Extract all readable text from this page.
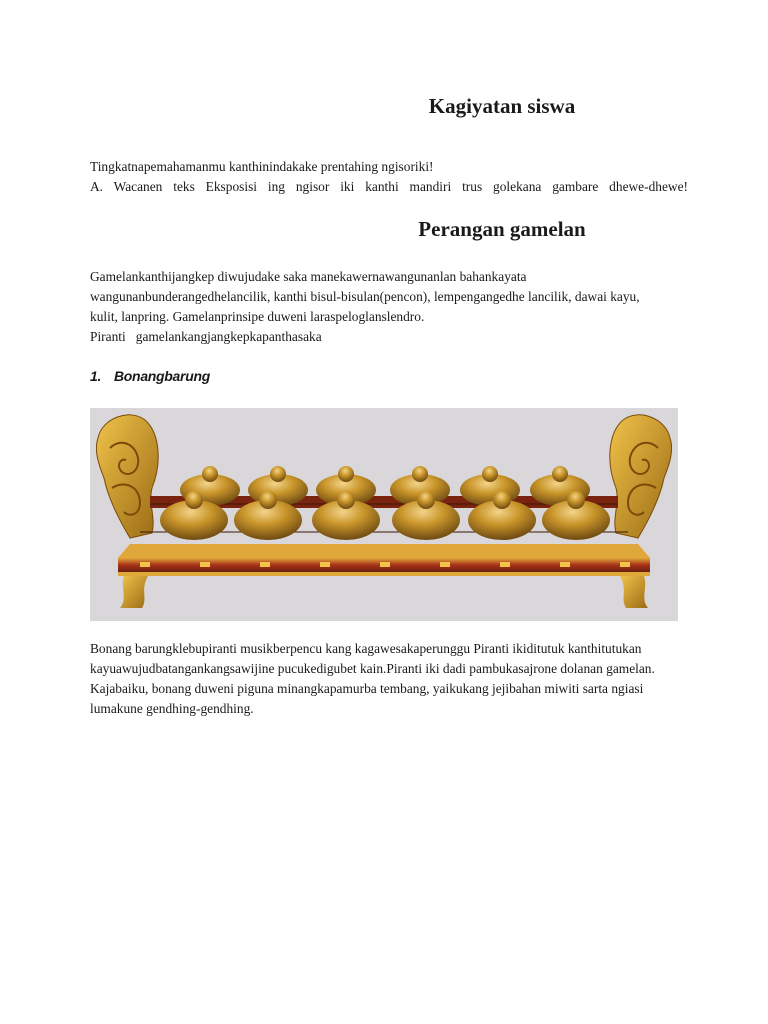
Kagiyatan siswa
Tingkatnapemahamanmu kanthinindakake prentahing ngisoriki!
A. Wacanen teks Eksposisi ing ngisor iki kanthi mandiri trus golekana gambare dhewe-dhewe!
Perangan gamelan
Gamelankanthijangkep diwujudake saka manekawernawangunanlan bahankayata
wangunanbunderangedhelancilik, kanthi bisul-bisulan(pencon), lempengangedhe lancilik, dawai kayu,
kulit, lanpring. Gamelanprinsipe duweni laraspeloglanslendro.
Piranti   gamelankangjangkepkapanthasaka
1. Bonangbarung
Bonang barungklebupiranti musikberpencu kang kagawesakaperunggu Piranti ikiditutuk kanthitutukan
kayuawujudbatangankangsawijine pucukedigubet kain.Piranti iki dadi pambukasajrone dolanan gamelan.
Kajabaiku, bonang duweni piguna minangkapamurba tembang, yaikukang jejibahan miwiti sarta ngiasi
lumakune gendhing-gendhing.
